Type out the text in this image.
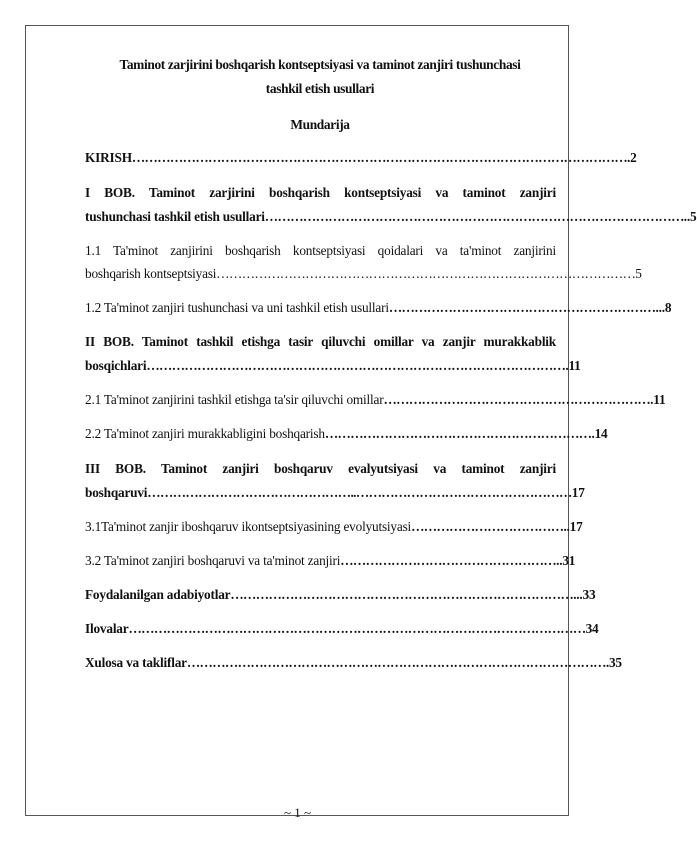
Taminot zarjirini boshqarish kontseptsiyasi va taminot zanjiri tushunchasi
tashkil etish usullari
Mundarija
KIRISH ……………………………………………………………………………………………………… .2
I BOB. Taminot zarjirini boshqarish kontseptsiyasi va taminot zanjiri
tushunchasi tashkil etish usullari ……………………………………………………………………………………… ..5
1.1 Ta'minot zanjirini boshqarish kontseptsiyasi qoidalari va ta'minot zanjirini
boshqarish kontseptsiyasi ……………………………………………………………………………………… 5
1.2 Ta'minot zanjiri tushunchasi va uni tashkil etish usullari ……………………………………………………… ...8
II BOB. Taminot tashkil etishga tasir qiluvchi omillar va zanjir murakkablik
bosqichlari ……………………………………………………………………………………… .11
2.1 Ta'minot zanjirini tashkil etishga ta'sir qiluvchi omillar ……………………………………………………… .11
2.2 Ta'minot zanjiri murakkabligini boshqarish ……………………………………………………… .14
III BOB. Taminot zanjiri boshqaruv evalyutsiyasi va taminot zanjiri
boshqaruvi …………………………………………..…………………………………………… 17
3.1Ta'minot zanjir iboshqaruv ikontseptsiyasining evolyutsiyasi ……………………………… ..17
3.2 Ta'minot zanjiri boshqaruvi va ta'minot zanjiri …………………………………………… ..31
Foydalanilgan adabiyotlar ……………………………………………………………………… ...33
Ilovalar ……………………………………………………………………………………………… 34
Xulosa va takliflar ……………………………………………………………………………………… .35
~ 1 ~
